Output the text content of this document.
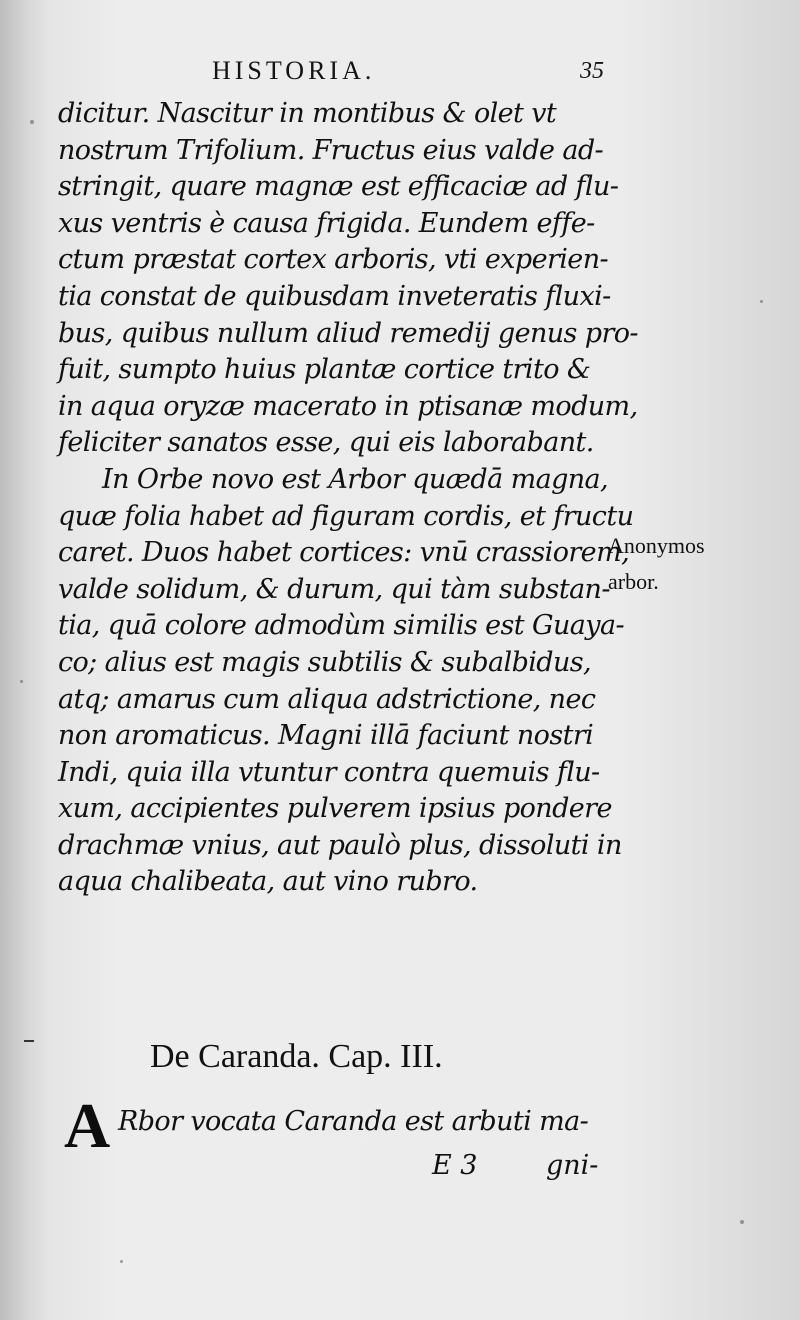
HISTORIA.	35
dicitur. Nascitur in montibus & olet vt
nostrum Trifolium. Fructus eius valde ad-
stringit, quare magnæ est efficaciæ ad flu-
xus ventris è causa frigida. Eundem effe-
ctum præstat cortex arboris, vti experien-
tia constat de quibusdam inveteratis fluxi-
bus, quibus nullum aliud remedij genus pro-
fuit, sumpto huius plantæ cortice trito &
in aqua oryzæ macerato in ptisanæ modum,
feliciter sanatos esse, qui eis laborabant.
In Orbe novo est Arbor quædā magna,
quæ folia habet ad figuram cordis, et fructu
caret. Duos habet cortices: vnū crassiorem,
valde solidum, & durum, qui tàm substan-
tia, quā colore admodùm similis est Guaya-
co; alius est magis subtilis & subalbidus,
atq; amarus cum aliqua adstrictione, nec
non aromaticus. Magni illā faciunt nostri
Indi, quia illa vtuntur contra quemuis flu-
xum, accipientes pulverem ipsius pondere
drachmæ vnius, aut paulò plus, dissoluti in
aqua chalibeata, aut vino rubro.
Anonymos
arbor.
De Caranda. Cap. III.
A Rbor vocata Caranda est arbuti ma-
E 3	gni-
